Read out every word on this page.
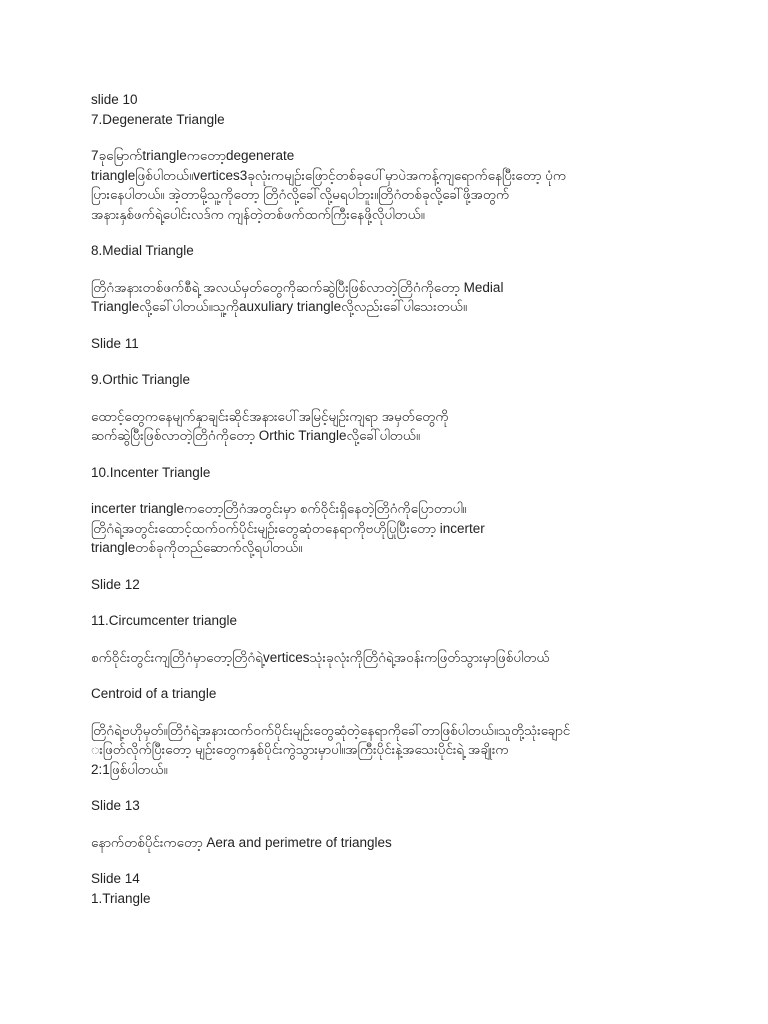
slide 10
7.Degenerate Triangle
7ခုမြောက်triangleကတော့degenerate
triangleဖြစ်ပါတယ်။vertices3ခုလုံးကမျဉ်းဖြောင့်တစ်ခုပေါ်မှာပဲအကန့်ကျရောက်နေပြီးတော့ ပုံက
ပြားနေပါတယ်။ အဲ့တာမို့သူ့ကိုတော့ တြိဂံလို့ခေါ်လို့မရပါဘူး။တြိဂံတစ်ခုလို့ခေါ်ဖို့အတွက်
အနားနှစ်ဖက်ရဲ့ပေါင်းလဒ်က ကျန်တဲ့တစ်ဖက်ထက်ကြီးနေဖို့လိုပါတယ်။
8.Medial Triangle
တြိဂံအနားတစ်ဖက်စီရဲ့ အလယ်မှတ်တွေကိုဆက်ဆွဲပြီးဖြစ်လာတဲ့တြိဂံကိုတော့ Medial
Triangleလို့ခေါ်ပါတယ်။သူ့ကိုauxuliary triangleလို့လည်းခေါ်ပါသေးတယ်။
Slide 11
9.Orthic Triangle
ထောင့်တွေကနေမျက်နှာချင်းဆိုင်အနားပေါ်အမြင့်မျဉ်းကျရာ အမှတ်တွေကို
ဆက်ဆွဲပြီးဖြစ်လာတဲ့တြိဂံကိုတော့ Orthic Triangleလို့ခေါ်ပါတယ်။
10.Incenter Triangle
incerter triangleကတော့တြိဂံအတွင်းမှာ စက်ဝိုင်းရှိနေတဲ့တြိဂံကိုပြောတာပါ။
တြိဂံရဲ့အတွင်းထောင့်ထက်ဝက်ပိုင်းမျဉ်းတွေဆုံတနေရာကိုဗဟိုပြုပြီးတော့ incerter
triangleတစ်ခုကိုတည်ဆောက်လို့ရပါတယ်။
Slide 12
11.Circumcenter triangle
စက်ဝိုင်းတွင်းကျတြိဂံမှာတော့တြိဂံရဲ့verticesသုံးခုလုံးကိုတြိဂံရဲ့အဝန်းကဖြတ်သွားမှာဖြစ်ပါတယ်
Centroid of a triangle
တြိဂံရဲ့ဗဟိုမှတ်။တြိဂံရဲ့အနားထက်ဝက်ပိုင်းမျဉ်းတွေဆုံတဲ့နေရာကိုခေါ်တာဖြစ်ပါတယ်။သူတို့သုံးချောင်
းဖြတ်လိုက်ပြီးတော့ မျဉ်းတွေကနှစ်ပိုင်းကွဲသွားမှာပါ။အကြီးပိုင်းနဲ့အသေးပိုင်းရဲ့ အချိုးက
2:1ဖြစ်ပါတယ်။
Slide 13
နောက်တစ်ပိုင်းကတော့ Aera and perimetre of triangles
Slide 14
1.Triangle
